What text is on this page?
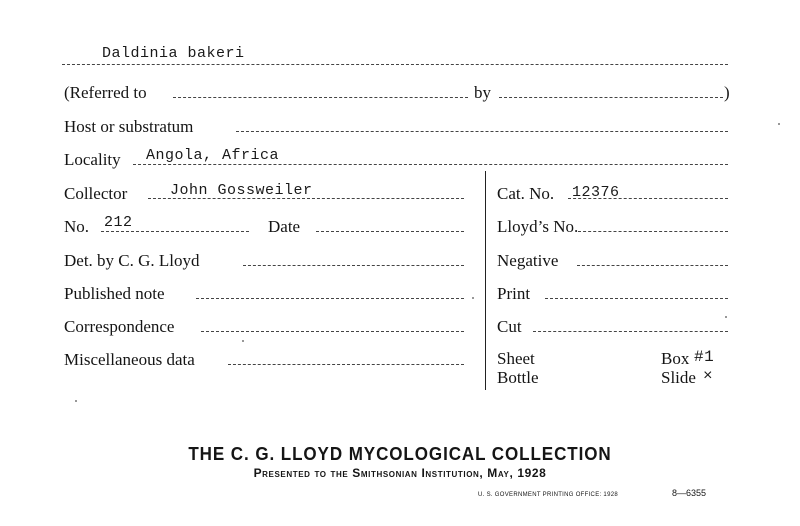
Daldinia bakeri
(Referred to	by	)
Host or substratum
Locality Angola, Africa
Collector	John Gossweiler
No. 212	Date
Det. by C. G. Lloyd
Published note
Correspondence
Miscellaneous data
Cat. No. 12376
Lloyd’s No.
Negative
Print
Cut
Sheet
Bottle
Box #1
Slide ×
THE C. G. LLOYD MYCOLOGICAL COLLECTION
Presented to the Smithsonian Institution, May, 1928
U. S. GOVERNMENT PRINTING OFFICE: 1928	8—6355
